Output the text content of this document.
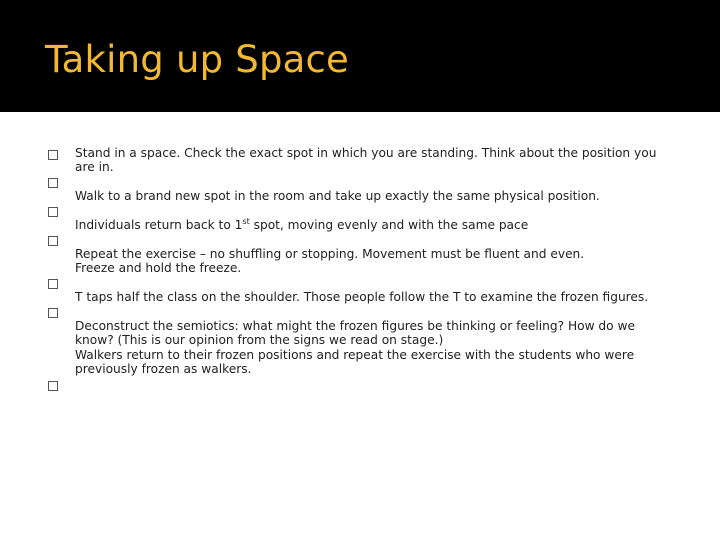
Taking up Space

Stand in a space. Check the exact spot in which you are standing. Think about the position you are in.

Walk to a brand new spot in the room and take up exactly the same physical position.

Individuals return back to 1st spot, moving evenly and with the same pace

Repeat the exercise – no shuffling or stopping. Movement must be fluent and even.

Freeze and hold the freeze.

T taps half the class on the shoulder. Those people follow the T to examine the frozen figures.

Deconstruct the semiotics: what might the frozen figures be thinking or feeling? How do we know? (This is our opinion from the signs we read on stage.)

Walkers return to their frozen positions and repeat the exercise with the students who were previously frozen as walkers.
